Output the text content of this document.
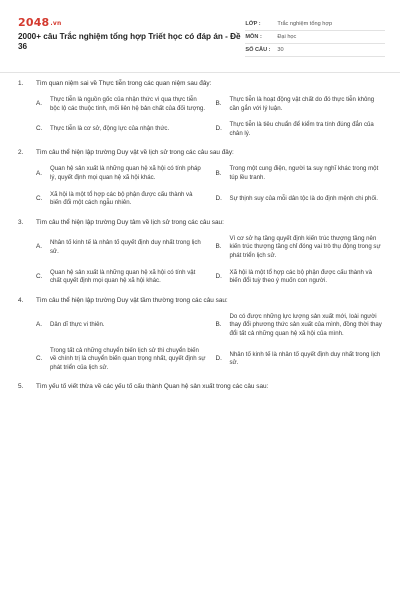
2048.vn
2000+ câu Trắc nghiệm tổng hợp Triết học có đáp án - Đề 36
LỚP :	Trắc nghiệm tổng hợp
MÔN :	Đại học
SỐ CÂU :	30
1.	Tìm quan niệm sai về Thực tiễn trong các quan niệm sau đây:
A.
Thực tiễn là nguồn gốc của nhận thức vì qua thực tiễn bộc lộ các thuộc tính, mối liên hệ bản chất của đối tượng.
B.
Thực tiễn là hoạt động vật chất do đó thực tiễn không cần gắn với lý luận.
C.	Thực tiễn là cơ sở, động lực của nhận thức.	D.
Thực tiễn là tiêu chuẩn để kiểm tra tính đúng đắn của chân lý.
2.	Tìm câu thể hiện lập trường Duy vật về lịch sử trong các câu sau đây:
A.
Quan hệ sản xuất là những quan hệ xã hội có tính pháp lý, quyết định mọi quan hệ xã hội khác.
B.
Trong một cung điện, người ta suy nghĩ khác trong một túp lều tranh.
C.
Xã hội là một tổ hợp các bộ phận được cấu thành và biến đổi một cách ngẫu nhiên.
D.	Sự thịnh suy của mỗi dân tộc là do định mệnh chi phối.
3.	Tìm câu thể hiện lập trường Duy tâm về lịch sử trong các câu sau:
A.
Nhân tố kinh tế là nhân tố quyết định duy nhất trong lịch sử.
B.
Vì cơ sở hạ tầng quyết định kiến trúc thượng tầng nên kiến trúc thượng tầng chỉ đóng vai trò thụ động trong sự phát triển lịch sử.
C.
Quan hệ sản xuất là những quan hệ xã hội có tính vật chất quyết định mọi quan hệ xã hội khác.
D.
Xã hội là một tổ hợp các bộ phận được cấu thành và biến đổi tuỳ theo ý muốn con người.
4.	Tìm câu thể hiện lập trường Duy vật tầm thường trong các câu sau:
A.	Dân dĩ thực vi thiên.	B.
Do có được những lực lượng sản xuất mới, loài người thay đổi phương thức sản xuất của mình, đồng thời thay đổi tất cả những quan hệ xã hội của mình.
C.
Trong tất cả những chuyển biến lịch sử thì chuyển biến về chính trị là chuyển biến quan trọng nhất, quyết định sự phát triển của lịch sử.
D.
Nhân tố kinh tế là nhân tố quyết định duy nhất trong lịch sử.
5.	Tìm yếu tố viết thừa về các yếu tố cấu thành Quan hệ sản xuất trong các câu sau:
